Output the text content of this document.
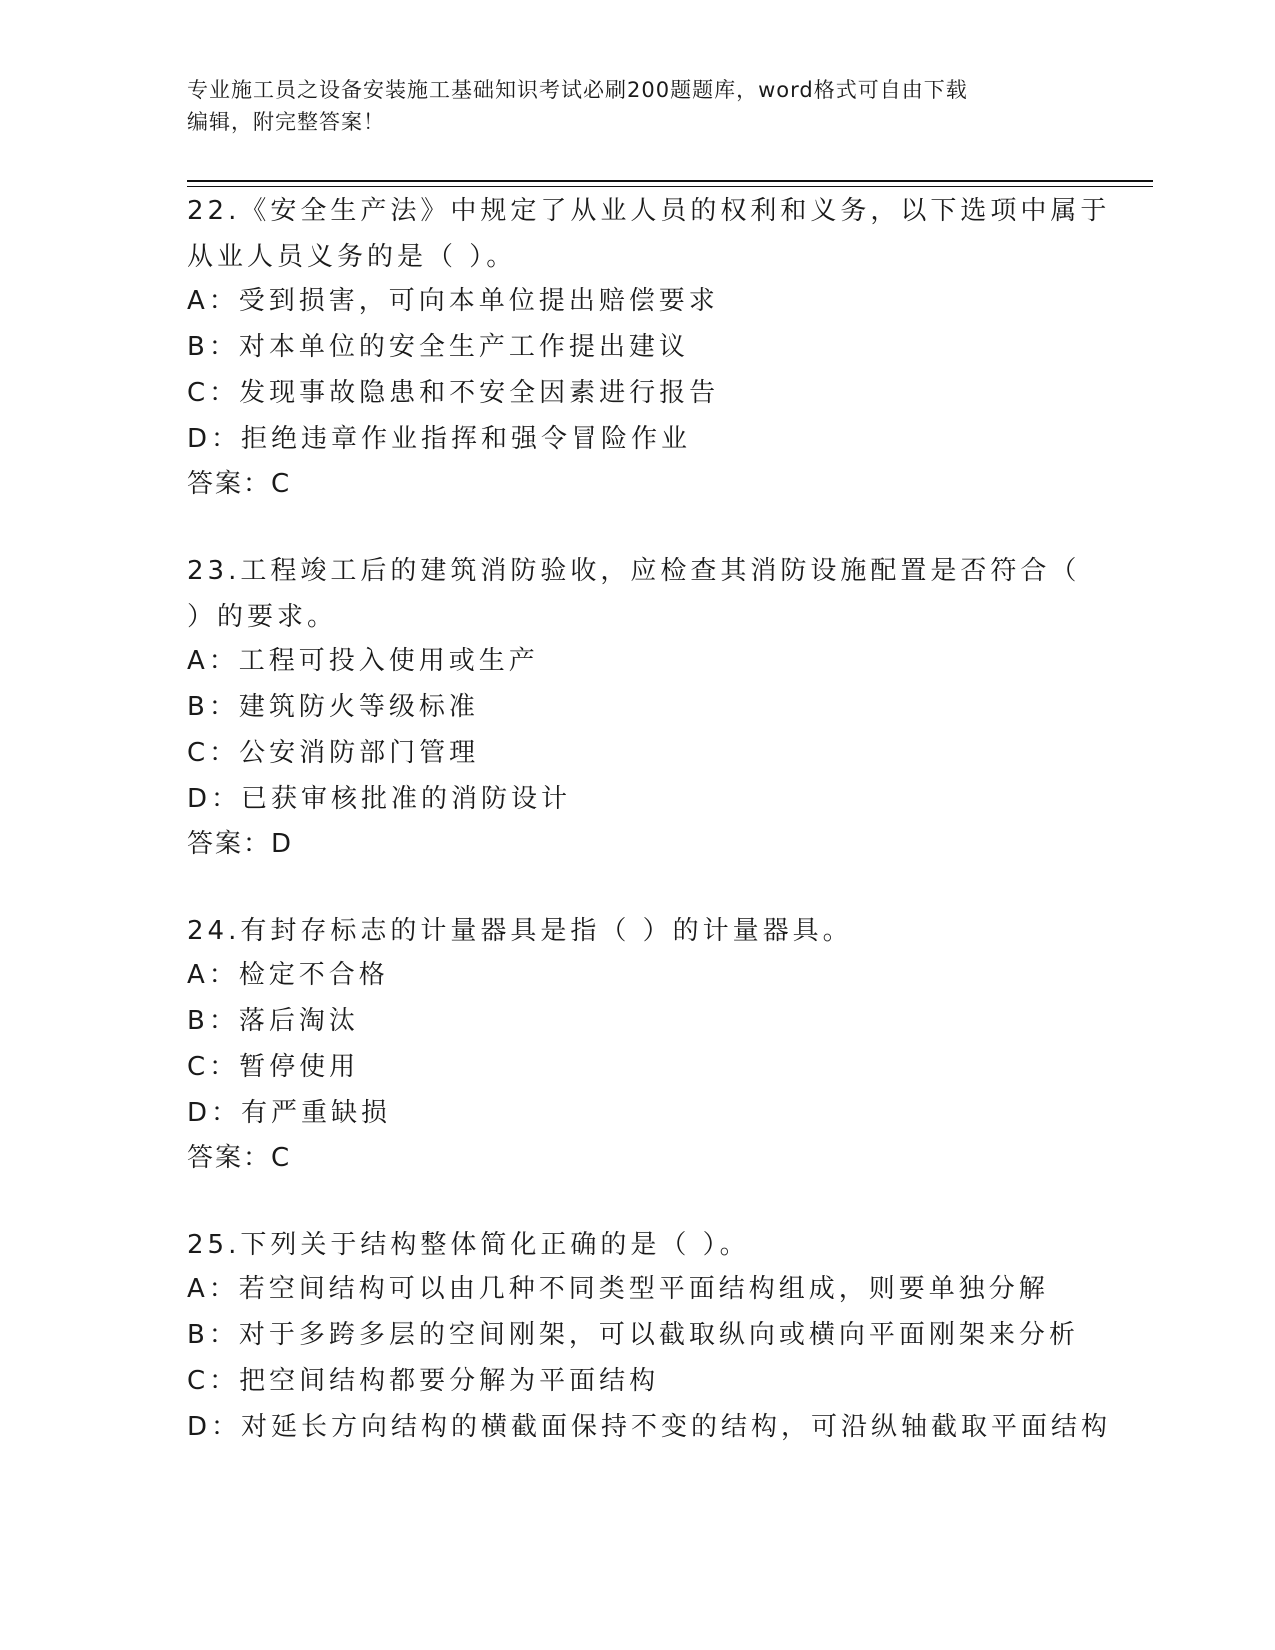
专业施工员之设备安装施工基础知识考试必刷200题题库，word格式可自由下载
编辑，附完整答案！
22.《安全生产法》中规定了从业人员的权利和义务，以下选项中属于
从业人员义务的是（ ）。
A：受到损害，可向本单位提出赔偿要求
B：对本单位的安全生产工作提出建议
C：发现事故隐患和不安全因素进行报告
D：拒绝违章作业指挥和强令冒险作业
答案：C
23.工程竣工后的建筑消防验收，应检查其消防设施配置是否符合（
）的要求。
A：工程可投入使用或生产
B：建筑防火等级标准
C：公安消防部门管理
D：已获审核批准的消防设计
答案：D
24.有封存标志的计量器具是指（ ）的计量器具。
A：检定不合格
B：落后淘汰
C：暂停使用
D：有严重缺损
答案：C
25.下列关于结构整体简化正确的是（ ）。
A：若空间结构可以由几种不同类型平面结构组成，则要单独分解
B：对于多跨多层的空间刚架，可以截取纵向或横向平面刚架来分析
C：把空间结构都要分解为平面结构
D：对延长方向结构的横截面保持不变的结构，可沿纵轴截取平面结构
